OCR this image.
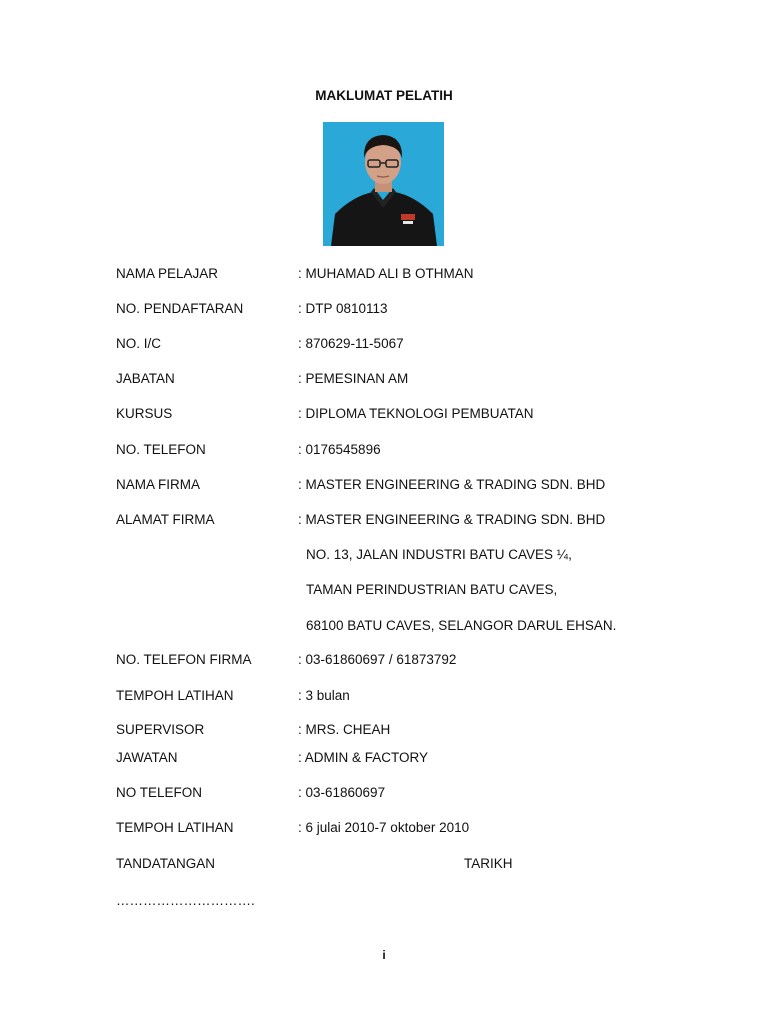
MAKLUMAT PELATIH
NAMA PELAJAR	: MUHAMAD ALI B OTHMAN
NO. PENDAFTARAN	: DTP 0810113
NO. I/C	: 870629-11-5067
JABATAN	: PEMESINAN AM
KURSUS	: DIPLOMA TEKNOLOGI PEMBUATAN
NO. TELEFON	: 0176545896
NAMA FIRMA	: MASTER ENGINEERING & TRADING SDN. BHD
ALAMAT FIRMA	: MASTER ENGINEERING & TRADING SDN. BHD
NO. 13, JALAN INDUSTRI BATU CAVES ¼,
TAMAN PERINDUSTRIAN BATU CAVES,
68100 BATU CAVES, SELANGOR DARUL EHSAN.
NO. TELEFON FIRMA	: 03-61860697 / 61873792
TEMPOH LATIHAN	: 3 bulan
SUPERVISOR	: MRS. CHEAH
JAWATAN	: ADMIN & FACTORY
NO TELEFON	: 03-61860697
TEMPOH LATIHAN	: 6 julai 2010-7 oktober 2010
TANDATANGAN	TARIKH
………………………….
i
